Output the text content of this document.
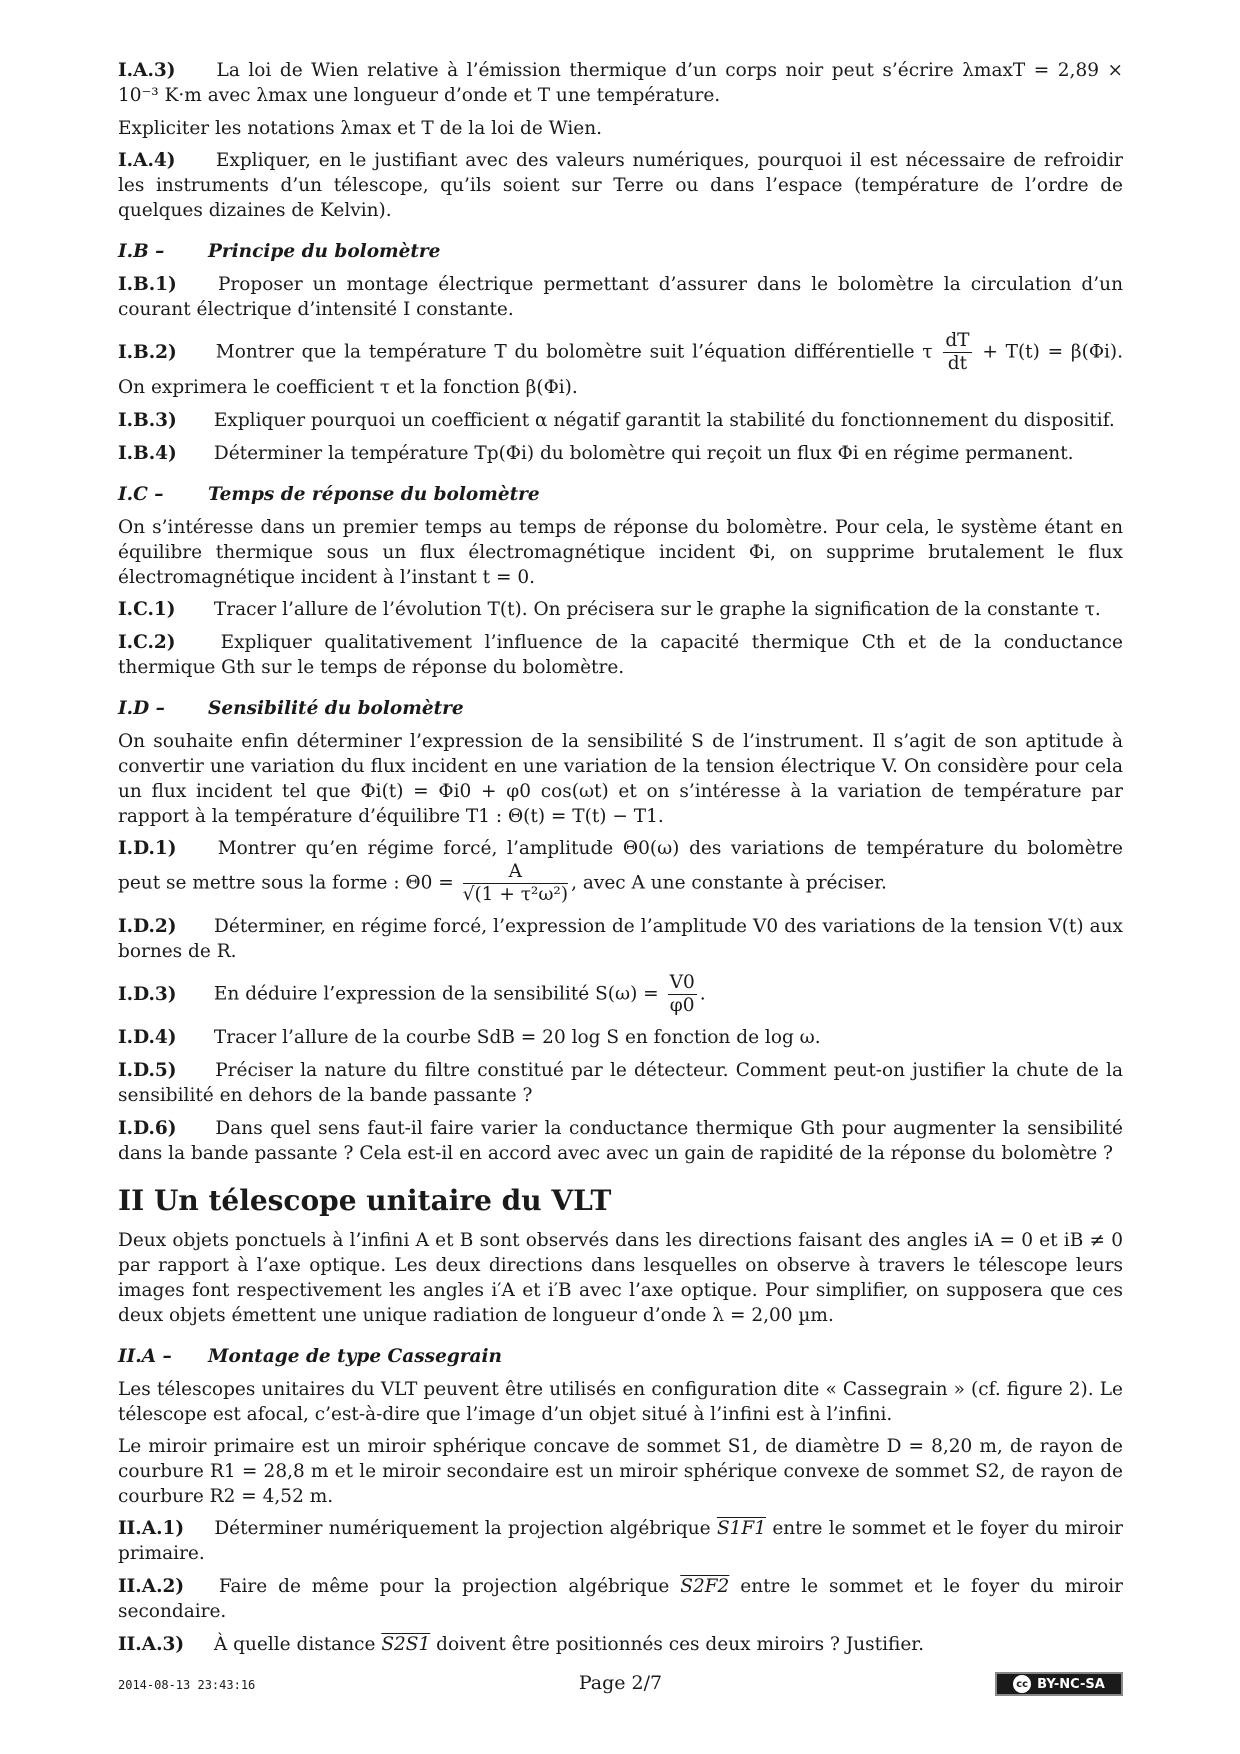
I.A.3) La loi de Wien relative à l’émission thermique d’un corps noir peut s’écrire λmaxT = 2,89 × 10⁻³ K·m avec λmax une longueur d’onde et T une température.

Expliciter les notations λmax et T de la loi de Wien.

I.A.4) Expliquer, en le justifiant avec des valeurs numériques, pourquoi il est nécessaire de refroidir les instruments d’un télescope, qu’ils soient sur Terre ou dans l’espace (température de l’ordre de quelques dizaines de Kelvin).
I.B – Principe du bolomètre
I.B.1) Proposer un montage électrique permettant d’assurer dans le bolomètre la circulation d’un courant électrique d’intensité I constante.
I.B.2) Montrer que la température T du bolomètre suit l’équation différentielle τ $\frac{dT}{dt} + T(t) = \beta(\Phi i)$. On exprimera le coefficient τ et la fonction β(Φi).
I.B.3) Expliquer pourquoi un coefficient α négatif garantit la stabilité du fonctionnement du dispositif.
I.B.4) Déterminer la température Tp(Φi) du bolomètre qui reçoit un flux Φi en régime permanent.
I.C – Temps de réponse du bolomètre

On s’intéresse dans un premier temps au temps de réponse du bolomètre. Pour cela, le système étant en équilibre thermique sous un flux électromagnétique incident Φi, on supprime brutalement le flux électromagnétique incident à l’instant t = 0.

I.C.1) Tracer l’allure de l’évolution T(t). On précisera sur le graphe la signification de la constante τ.
I.C.2) Expliquer qualitativement l’influence de la capacité thermique Cth et de la conductance thermique Gth sur le temps de réponse du bolomètre.
I.D – Sensibilité du bolomètre

On souhaite enfin déterminer l’expression de la sensibilité S de l’instrument. Il s’agit de son aptitude à convertir une variation du flux incident en une variation de la tension électrique V. On considère pour cela un flux incident tel que Φi(t) = Φi0 + φ0 cos(ωt) et on s’intéresse à la variation de température par rapport à la température d’équilibre T1 : Θ(t) = T(t) − T1.

I.D.1) Montrer qu’en régime forcé, l’amplitude Θ0(ω) des variations de température du bolomètre peut se mettre sous la forme : $\Theta 0 = \frac{A}{\text{√(1 + τ²ω²)}}$ , avec A une constante à préciser.
I.D.2) Déterminer, en régime forcé, l’expression de l’amplitude V0 des variations de la tension V(t) aux bornes de R.
I.D.3) En déduire l’expression de la sensibilité $S(\omega) = \frac{V0}{\varphi 0}$ .
I.D.4) Tracer l’allure de la courbe SdB = 20 log S en fonction de log ω.
I.D.5) Préciser la nature du filtre constitué par le détecteur. Comment peut-on justifier la chute de la sensibilité en dehors de la bande passante ?
I.D.6) Dans quel sens faut-il faire varier la conductance thermique Gth pour augmenter la sensibilité dans la bande passante ? Cela est-il en accord avec avec un gain de rapidité de la réponse du bolomètre ?
II Un télescope unitaire du VLT

Deux objets ponctuels à l’infini A et B sont observés dans les directions faisant des angles iA = 0 et iB ≠ 0 par rapport à l’axe optique. Les deux directions dans lesquelles on observe à travers le télescope leurs images font respectivement les angles i′A et i′B avec l’axe optique. Pour simplifier, on supposera que ces deux objets émettent une unique radiation de longueur d’onde λ = 2,00 µm.

II.A – Montage de type Cassegrain

Les télescopes unitaires du VLT peuvent être utilisés en configuration dite « Cassegrain » (cf. figure 2). Le télescope est afocal, c’est-à-dire que l’image d’un objet situé à l’infini est à l’infini.

Le miroir primaire est un miroir sphérique concave de sommet S1, de diamètre D = 8,20 m, de rayon de courbure R1 = 28,8 m et le miroir secondaire est un miroir sphérique convexe de sommet S2, de rayon de courbure R2 = 4,52 m.

II.A.1) Déterminer numériquement la projection algébrique S1F1 entre le sommet et le foyer du miroir primaire.
II.A.2) Faire de même pour la projection algébrique S2F2 entre le sommet et le foyer du miroir secondaire.
II.A.3) À quelle distance S2S1 doivent être positionnés ces deux miroirs ? Justifier.
2014-08-13 23:43:16	Page 2/7	cc BY-NC-SA
